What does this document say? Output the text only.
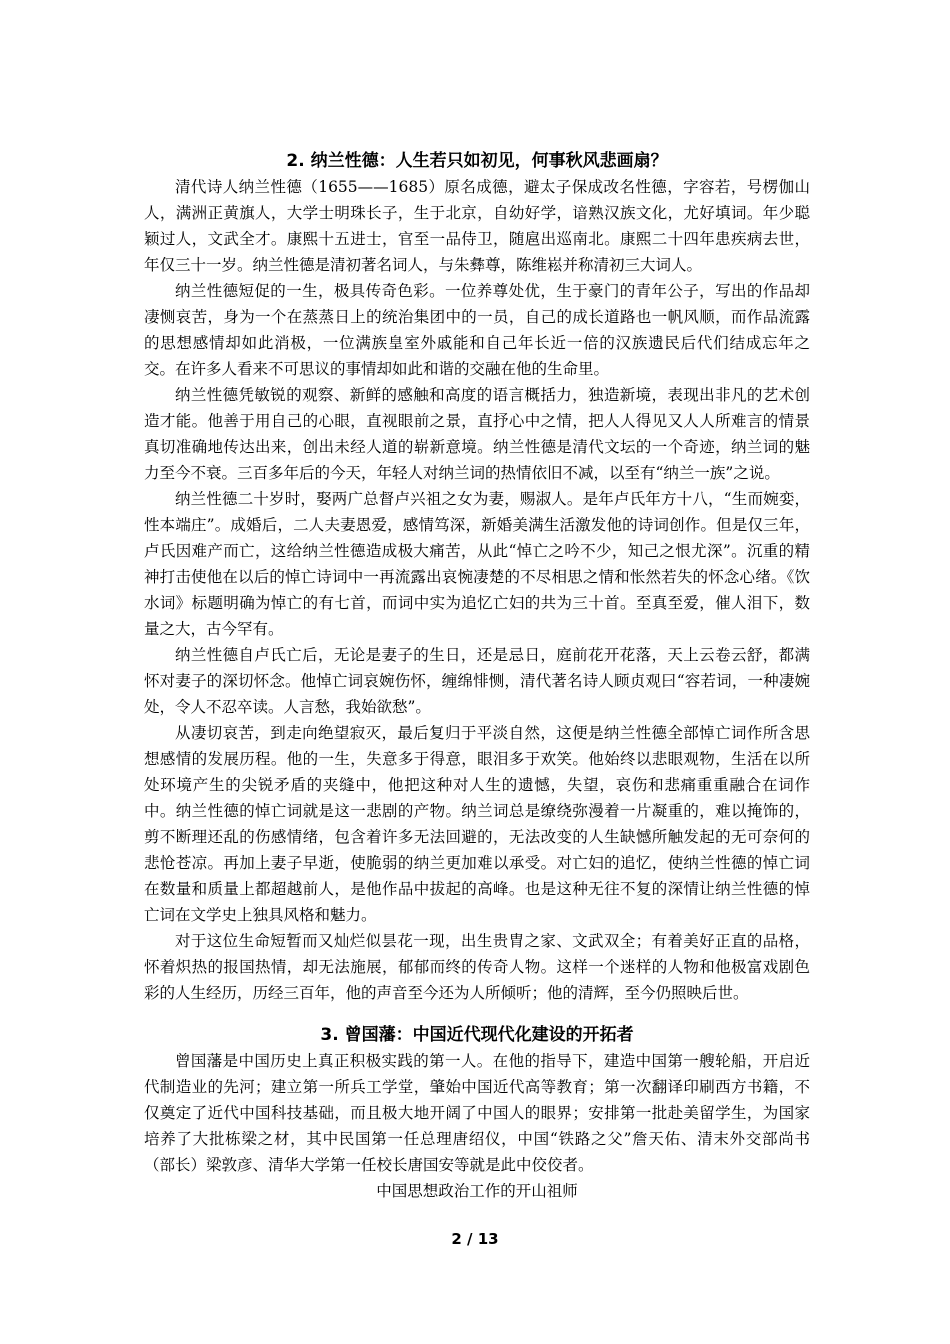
2. 纳兰性德：人生若只如初见，何事秋风悲画扇？

清代诗人纳兰性德（1655——1685）原名成德，避太子保成改名性德，字容若，号楞伽山人，满洲正黄旗人，大学士明珠长子，生于北京，自幼好学，谙熟汉族文化，尤好填词。年少聪颖过人，文武全才。康熙十五进士，官至一品侍卫，随扈出巡南北。康熙二十四年患疾病去世，年仅三十一岁。纳兰性德是清初著名词人，与朱彝尊，陈维崧并称清初三大词人。

纳兰性德短促的一生，极具传奇色彩。一位养尊处优，生于豪门的青年公子，写出的作品却凄恻哀苦，身为一个在蒸蒸日上的统治集团中的一员，自己的成长道路也一帆风顺，而作品流露的思想感情却如此消极，一位满族皇室外戚能和自己年长近一倍的汉族遗民后代们结成忘年之交。在许多人看来不可思议的事情却如此和谐的交融在他的生命里。

纳兰性德凭敏锐的观察、新鲜的感触和高度的语言概括力，独造新境，表现出非凡的艺术创造才能。他善于用自己的心眼，直视眼前之景，直抒心中之情，把人人得见又人人所难言的情景真切准确地传达出来，创出未经人道的崭新意境。纳兰性德是清代文坛的一个奇迹，纳兰词的魅力至今不衰。三百多年后的今天，年轻人对纳兰词的热情依旧不减，以至有“纳兰一族”之说。

纳兰性德二十岁时，娶两广总督卢兴祖之女为妻，赐淑人。是年卢氏年方十八，“生而婉娈，性本端庄”。成婚后，二人夫妻恩爱，感情笃深，新婚美满生活激发他的诗词创作。但是仅三年，卢氏因难产而亡，这给纳兰性德造成极大痛苦，从此“悼亡之吟不少，知己之恨尤深”。沉重的精神打击使他在以后的悼亡诗词中一再流露出哀惋凄楚的不尽相思之情和怅然若失的怀念心绪。《饮水词》标题明确为悼亡的有七首，而词中实为追忆亡妇的共为三十首。至真至爱，催人泪下，数量之大，古今罕有。

纳兰性德自卢氏亡后，无论是妻子的生日，还是忌日，庭前花开花落，天上云卷云舒，都满怀对妻子的深切怀念。他悼亡词哀婉伤怀，缠绵悱恻，清代著名诗人顾贞观曰“容若词，一种凄婉处，令人不忍卒读。人言愁，我始欲愁”。

从凄切哀苦，到走向绝望寂灭，最后复归于平淡自然，这便是纳兰性德全部悼亡词作所含思想感情的发展历程。他的一生，失意多于得意，眼泪多于欢笑。他始终以悲眼观物，生活在以所处环境产生的尖锐矛盾的夹缝中，他把这种对人生的遗憾，失望，哀伤和悲痛重重融合在词作中。纳兰性德的悼亡词就是这一悲剧的产物。纳兰词总是缭绕弥漫着一片凝重的，难以掩饰的，剪不断理还乱的伤感情绪，包含着许多无法回避的，无法改变的人生缺憾所触发起的无可奈何的悲怆苍凉。再加上妻子早逝，使脆弱的纳兰更加难以承受。对亡妇的追忆，使纳兰性德的悼亡词在数量和质量上都超越前人，是他作品中拔起的高峰。也是这种无往不复的深情让纳兰性德的悼亡词在文学史上独具风格和魅力。

对于这位生命短暂而又灿烂似昙花一现，出生贵胄之家、文武双全；有着美好正直的品格，怀着炽热的报国热情，却无法施展，郁郁而终的传奇人物。这样一个迷样的人物和他极富戏剧色彩的人生经历，历经三百年，他的声音至今还为人所倾听；他的清辉，至今仍照映后世。

3. 曾国藩：中国近代现代化建设的开拓者

曾国藩是中国历史上真正积极实践的第一人。在他的指导下，建造中国第一艘轮船，开启近代制造业的先河；建立第一所兵工学堂，肇始中国近代高等教育；第一次翻译印刷西方书籍，不仅奠定了近代中国科技基础，而且极大地开阔了中国人的眼界；安排第一批赴美留学生，为国家培养了大批栋梁之材，其中民国第一任总理唐绍仪，中国“铁路之父”詹天佑、清末外交部尚书（部长）梁敦彦、清华大学第一任校长唐国安等就是此中佼佼者。

中国思想政治工作的开山祖师

2 / 13
